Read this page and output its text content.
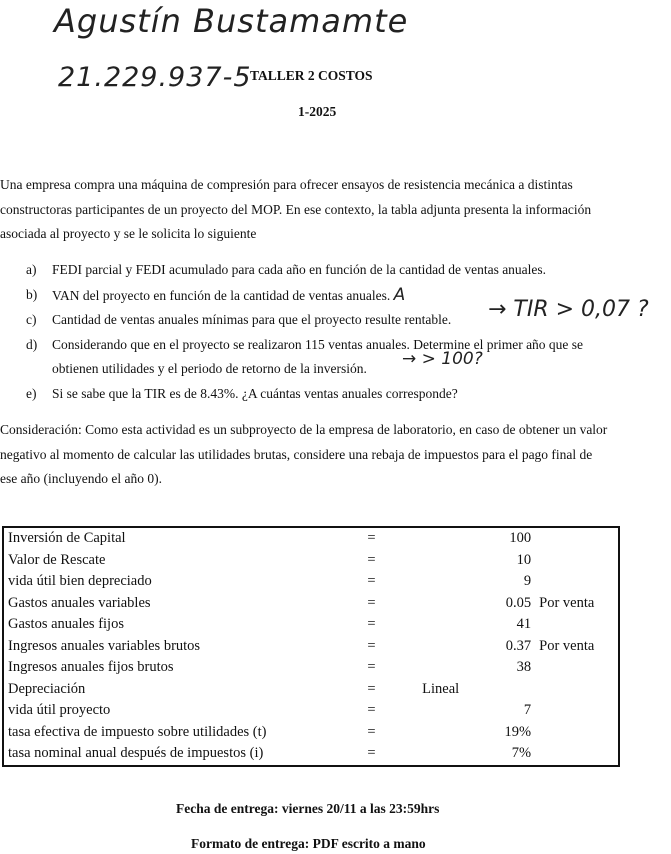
Agustín Bustamamte
21.229.937-5
TALLER 2 COSTOS
1-2025
Una empresa compra una máquina de compresión para ofrecer ensayos de resistencia mecánica a distintas
constructoras participantes de un proyecto del MOP. En ese contexto, la tabla adjunta presenta la información
asociada al proyecto y se le solicita lo siguiente
a) FEDI parcial y FEDI acumulado para cada año en función de la cantidad de ventas anuales.
b) VAN del proyecto en función de la cantidad de ventas anuales. A
c) Cantidad de ventas anuales mínimas para que el proyecto resulte rentable.
d) Considerando que en el proyecto se realizaron 115 ventas anuales. Determine el primer año que se
obtienen utilidades y el periodo de retorno de la inversión.
e) Si se sabe que la TIR es de 8.43%. ¿A cuántas ventas anuales corresponde?
→ TIR > 0,07 ?
→ > 100?
Consideración: Como esta actividad es un subproyecto de la empresa de laboratorio, en caso de obtener un valor
negativo al momento de calcular las utilidades brutas, considere una rebaja de impuestos para el pago final de
ese año (incluyendo el año 0).
Inversión de Capital	=	100	
Valor de Rescate	=	10	
vida útil bien depreciado	=	9	
Gastos anuales variables	=	0.05	Por venta
Gastos anuales fijos	=	41	
Ingresos anuales variables brutos	=	0.37	Por venta
Ingresos anuales fijos brutos	=	38	
Depreciación	=	Lineal	
vida útil proyecto	=	7	
tasa efectiva de impuesto sobre utilidades (t)	=	19%	
tasa nominal anual después de impuestos (i)	=	7%	
Fecha de entrega: viernes 20/11 a las 23:59hrs
Formato de entrega: PDF escrito a mano
